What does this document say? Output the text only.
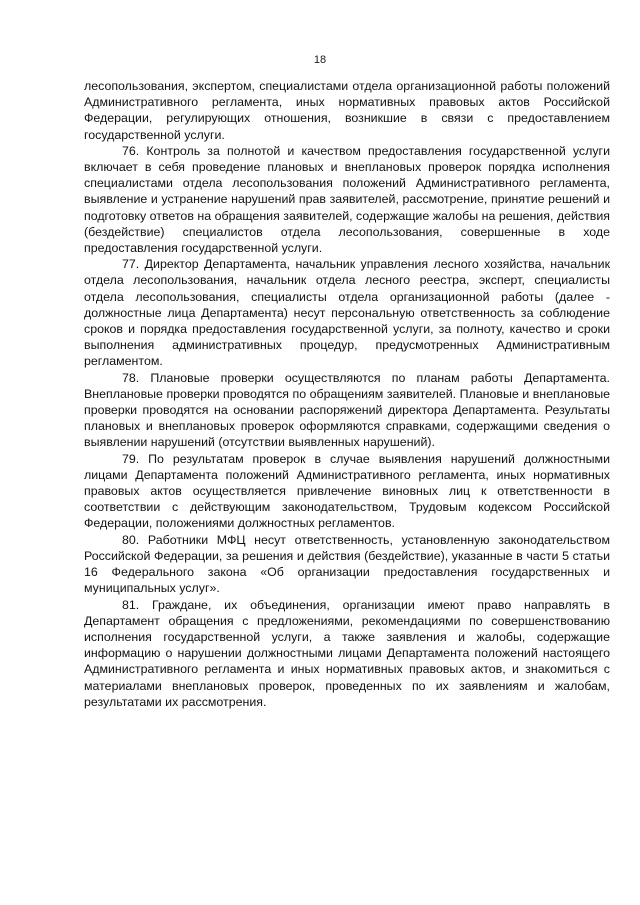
18

лесопользования, экспертом, специалистами отдела организационной работы положений Административного регламента, иных нормативных правовых актов Российской Федерации, регулирующих отношения, возникшие в связи с предоставлением государственной услуги.

76. Контроль за полнотой и качеством предоставления государственной услуги включает в себя проведение плановых и внеплановых проверок порядка исполнения специалистами отдела лесопользования положений Административного регламента, выявление и устранение нарушений прав заявителей, рассмотрение, принятие решений и подготовку ответов на обращения заявителей, содержащие жалобы на решения, действия (бездействие) специалистов отдела лесопользования, совершенные в ходе предоставления государственной услуги.

77. Директор Департамента, начальник управления лесного хозяйства, начальник отдела лесопользования, начальник отдела лесного реестра, эксперт, специалисты отдела лесопользования, специалисты отдела организационной работы (далее - должностные лица Департамента) несут персональную ответственность за соблюдение сроков и порядка предоставления государственной услуги, за полноту, качество и сроки выполнения административных процедур, предусмотренных Административным регламентом.

78. Плановые проверки осуществляются по планам работы Департамента. Внеплановые проверки проводятся по обращениям заявителей. Плановые и внеплановые проверки проводятся на основании распоряжений директора Департамента. Результаты плановых и внеплановых проверок оформляются справками, содержащими сведения о выявлении нарушений (отсутствии выявленных нарушений).

79. По результатам проверок в случае выявления нарушений должностными лицами Департамента положений Административного регламента, иных нормативных правовых актов осуществляется привлечение виновных лиц к ответственности в соответствии с действующим законодательством, Трудовым кодексом Российской Федерации, положениями должностных регламентов.

80. Работники МФЦ несут ответственность, установленную законодательством Российской Федерации, за решения и действия (бездействие), указанные в части 5 статьи 16 Федерального закона «Об организации предоставления государственных и муниципальных услуг».

81. Граждане, их объединения, организации имеют право направлять в Департамент обращения с предложениями, рекомендациями по совершенствованию исполнения государственной услуги, а также заявления и жалобы, содержащие информацию о нарушении должностными лицами Департамента положений настоящего Административного регламента и иных нормативных правовых актов, и знакомиться с материалами внеплановых проверок, проведенных по их заявлениям и жалобам, результатами их рассмотрения.
